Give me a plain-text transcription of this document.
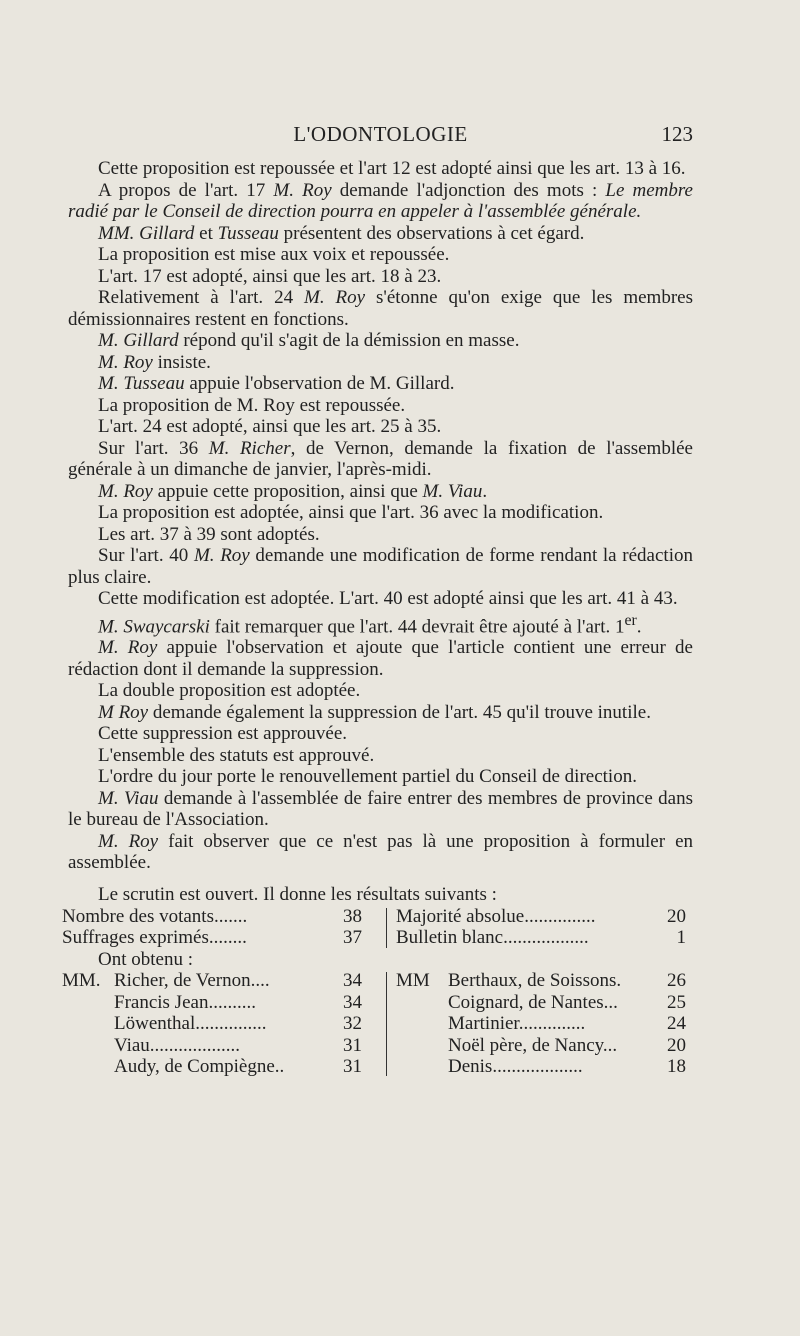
L'ODONTOLOGIE	123

Cette proposition est repoussée et l'art 12 est adopté ainsi que les art. 13 à 16.

A propos de l'art. 17 M. Roy demande l'adjonction des mots : Le membre radié par le Conseil de direction pourra en appeler à l'assemblée générale.

MM. Gillard et Tusseau présentent des observations à cet égard.

La proposition est mise aux voix et repoussée.

L'art. 17 est adopté, ainsi que les art. 18 à 23.

Relativement à l'art. 24 M. Roy s'étonne qu'on exige que les membres démissionnaires restent en fonctions.

M. Gillard répond qu'il s'agit de la démission en masse.

M. Roy insiste.

M. Tusseau appuie l'observation de M. Gillard.

La proposition de M. Roy est repoussée.

L'art. 24 est adopté, ainsi que les art. 25 à 35.

Sur l'art. 36 M. Richer, de Vernon, demande la fixation de l'assemblée générale à un dimanche de janvier, l'après-midi.

M. Roy appuie cette proposition, ainsi que M. Viau.

La proposition est adoptée, ainsi que l'art. 36 avec la modification.

Les art. 37 à 39 sont adoptés.

Sur l'art. 40 M. Roy demande une modification de forme rendant la rédaction plus claire.

Cette modification est adoptée. L'art. 40 est adopté ainsi que les art. 41 à 43.

M. Swaycarski fait remarquer que l'art. 44 devrait être ajouté à l'art. 1er.

M. Roy appuie l'observation et ajoute que l'article contient une erreur de rédaction dont il demande la suppression.

La double proposition est adoptée.

M Roy demande également la suppression de l'art. 45 qu'il trouve inutile.

Cette suppression est approuvée.

L'ensemble des statuts est approuvé.

L'ordre du jour porte le renouvellement partiel du Conseil de direction.

M. Viau demande à l'assemblée de faire entrer des membres de province dans le bureau de l'Association.

M. Roy fait observer que ce n'est pas là une proposition à formuler en assemblée.

Le scrutin est ouvert. Il donne les résultats suivants :
Nombre des votants.......	38 Majorité absolue...............	20
Suffrages exprimés........	37 Bulletin blanc..................	1
Ont obtenu :
MM. Richer, de Vernon....	34 MM Berthaux, de Soissons.	26
Francis Jean..........	34	Coignard, de Nantes...	25
Löwenthal...............	32	Martinier..............	24
Viau...................	31	Noël père, de Nancy...	20
Audy, de Compiègne..	31	Denis...................	18
